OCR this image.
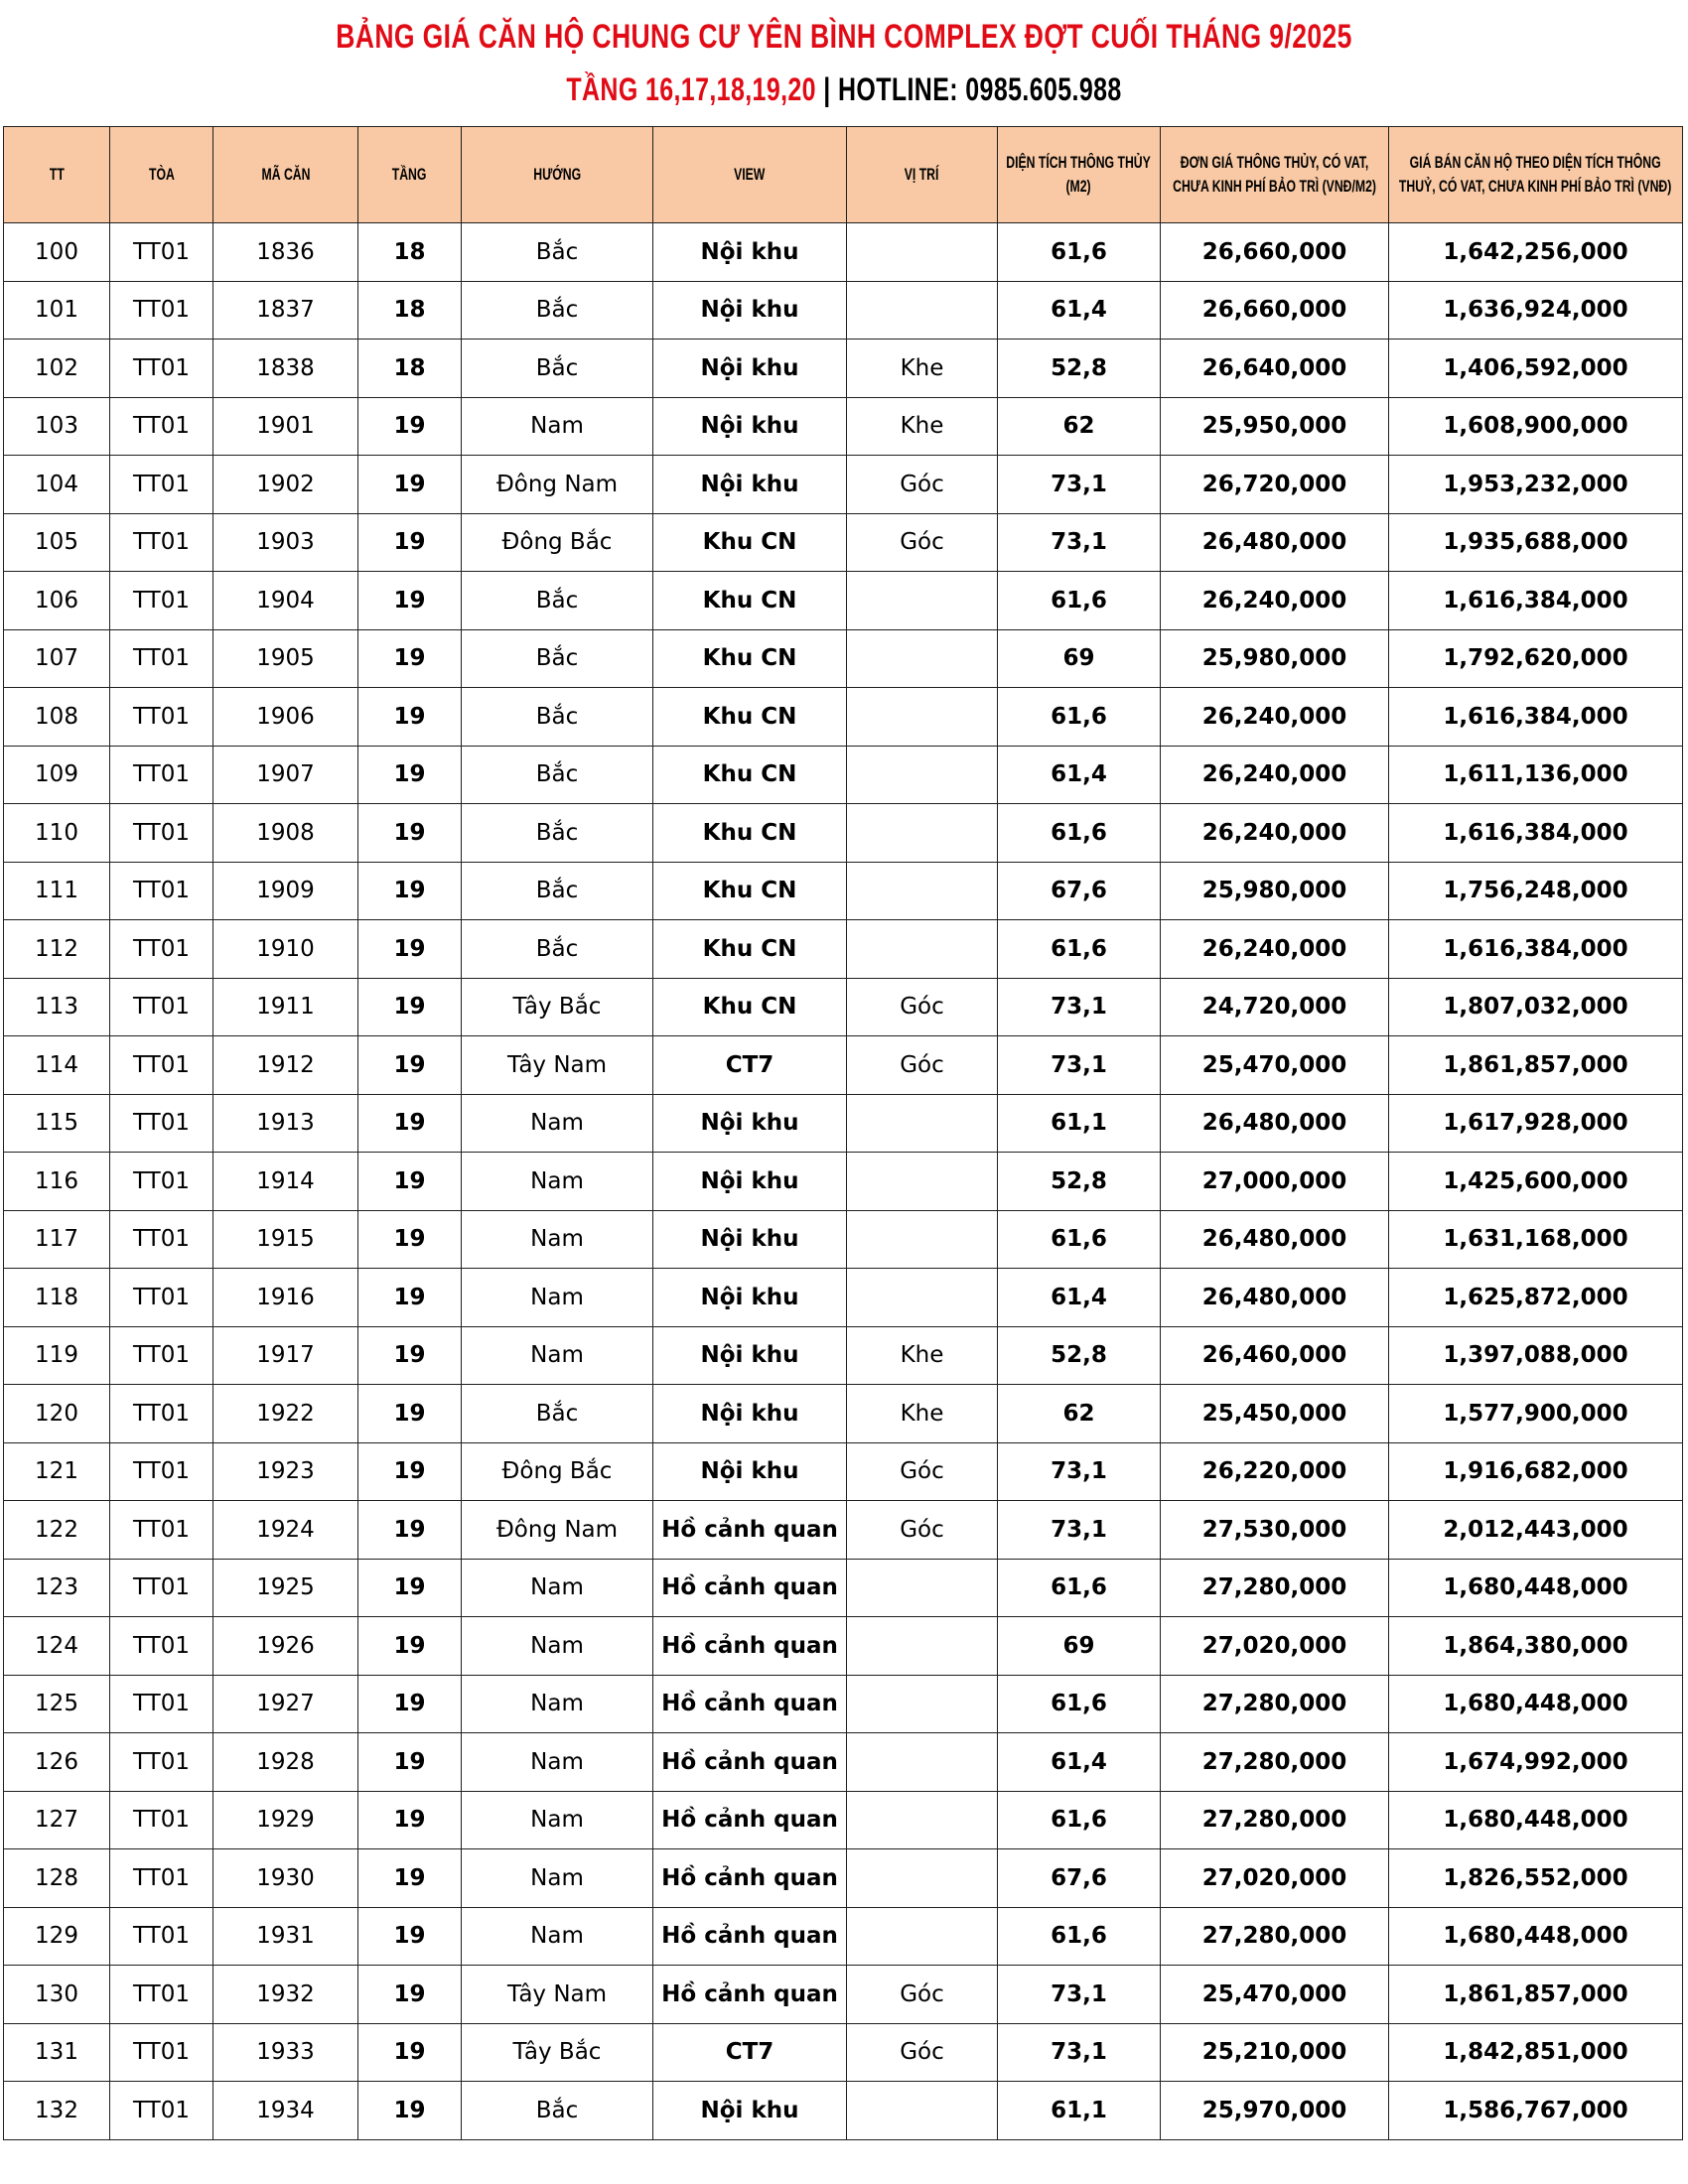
BẢNG GIÁ CĂN HỘ CHUNG CƯ YÊN BÌNH COMPLEX ĐỢT CUỐI THÁNG 9/2025
TẦNG 16,17,18,19,20 | HOTLINE: 0985.605.988
TT	TÒA	MÃ CĂN	TẦNG	HƯỚNG	VIEW	VỊ TRÍ	DIỆN TÍCH THÔNG THỦY (M2)	ĐƠN GIÁ THÔNG THỦY, CÓ VAT, CHƯA KINH PHÍ BẢO TRÌ (VNĐ/M2)	GIÁ BÁN CĂN HỘ THEO DIỆN TÍCH THÔNG THUỶ, CÓ VAT, CHƯA KINH PHÍ BẢO TRÌ (VNĐ)
100	TT01	1836	18	Bắc	Nội khu		61,6	26,660,000	1,642,256,000
101	TT01	1837	18	Bắc	Nội khu		61,4	26,660,000	1,636,924,000
102	TT01	1838	18	Bắc	Nội khu	Khe	52,8	26,640,000	1,406,592,000
103	TT01	1901	19	Nam	Nội khu	Khe	62	25,950,000	1,608,900,000
104	TT01	1902	19	Đông Nam	Nội khu	Góc	73,1	26,720,000	1,953,232,000
105	TT01	1903	19	Đông Bắc	Khu CN	Góc	73,1	26,480,000	1,935,688,000
106	TT01	1904	19	Bắc	Khu CN		61,6	26,240,000	1,616,384,000
107	TT01	1905	19	Bắc	Khu CN		69	25,980,000	1,792,620,000
108	TT01	1906	19	Bắc	Khu CN		61,6	26,240,000	1,616,384,000
109	TT01	1907	19	Bắc	Khu CN		61,4	26,240,000	1,611,136,000
110	TT01	1908	19	Bắc	Khu CN		61,6	26,240,000	1,616,384,000
111	TT01	1909	19	Bắc	Khu CN		67,6	25,980,000	1,756,248,000
112	TT01	1910	19	Bắc	Khu CN		61,6	26,240,000	1,616,384,000
113	TT01	1911	19	Tây Bắc	Khu CN	Góc	73,1	24,720,000	1,807,032,000
114	TT01	1912	19	Tây Nam	CT7	Góc	73,1	25,470,000	1,861,857,000
115	TT01	1913	19	Nam	Nội khu		61,1	26,480,000	1,617,928,000
116	TT01	1914	19	Nam	Nội khu		52,8	27,000,000	1,425,600,000
117	TT01	1915	19	Nam	Nội khu		61,6	26,480,000	1,631,168,000
118	TT01	1916	19	Nam	Nội khu		61,4	26,480,000	1,625,872,000
119	TT01	1917	19	Nam	Nội khu	Khe	52,8	26,460,000	1,397,088,000
120	TT01	1922	19	Bắc	Nội khu	Khe	62	25,450,000	1,577,900,000
121	TT01	1923	19	Đông Bắc	Nội khu	Góc	73,1	26,220,000	1,916,682,000
122	TT01	1924	19	Đông Nam	Hồ cảnh quan	Góc	73,1	27,530,000	2,012,443,000
123	TT01	1925	19	Nam	Hồ cảnh quan		61,6	27,280,000	1,680,448,000
124	TT01	1926	19	Nam	Hồ cảnh quan		69	27,020,000	1,864,380,000
125	TT01	1927	19	Nam	Hồ cảnh quan		61,6	27,280,000	1,680,448,000
126	TT01	1928	19	Nam	Hồ cảnh quan		61,4	27,280,000	1,674,992,000
127	TT01	1929	19	Nam	Hồ cảnh quan		61,6	27,280,000	1,680,448,000
128	TT01	1930	19	Nam	Hồ cảnh quan		67,6	27,020,000	1,826,552,000
129	TT01	1931	19	Nam	Hồ cảnh quan		61,6	27,280,000	1,680,448,000
130	TT01	1932	19	Tây Nam	Hồ cảnh quan	Góc	73,1	25,470,000	1,861,857,000
131	TT01	1933	19	Tây Bắc	CT7	Góc	73,1	25,210,000	1,842,851,000
132	TT01	1934	19	Bắc	Nội khu		61,1	25,970,000	1,586,767,000
